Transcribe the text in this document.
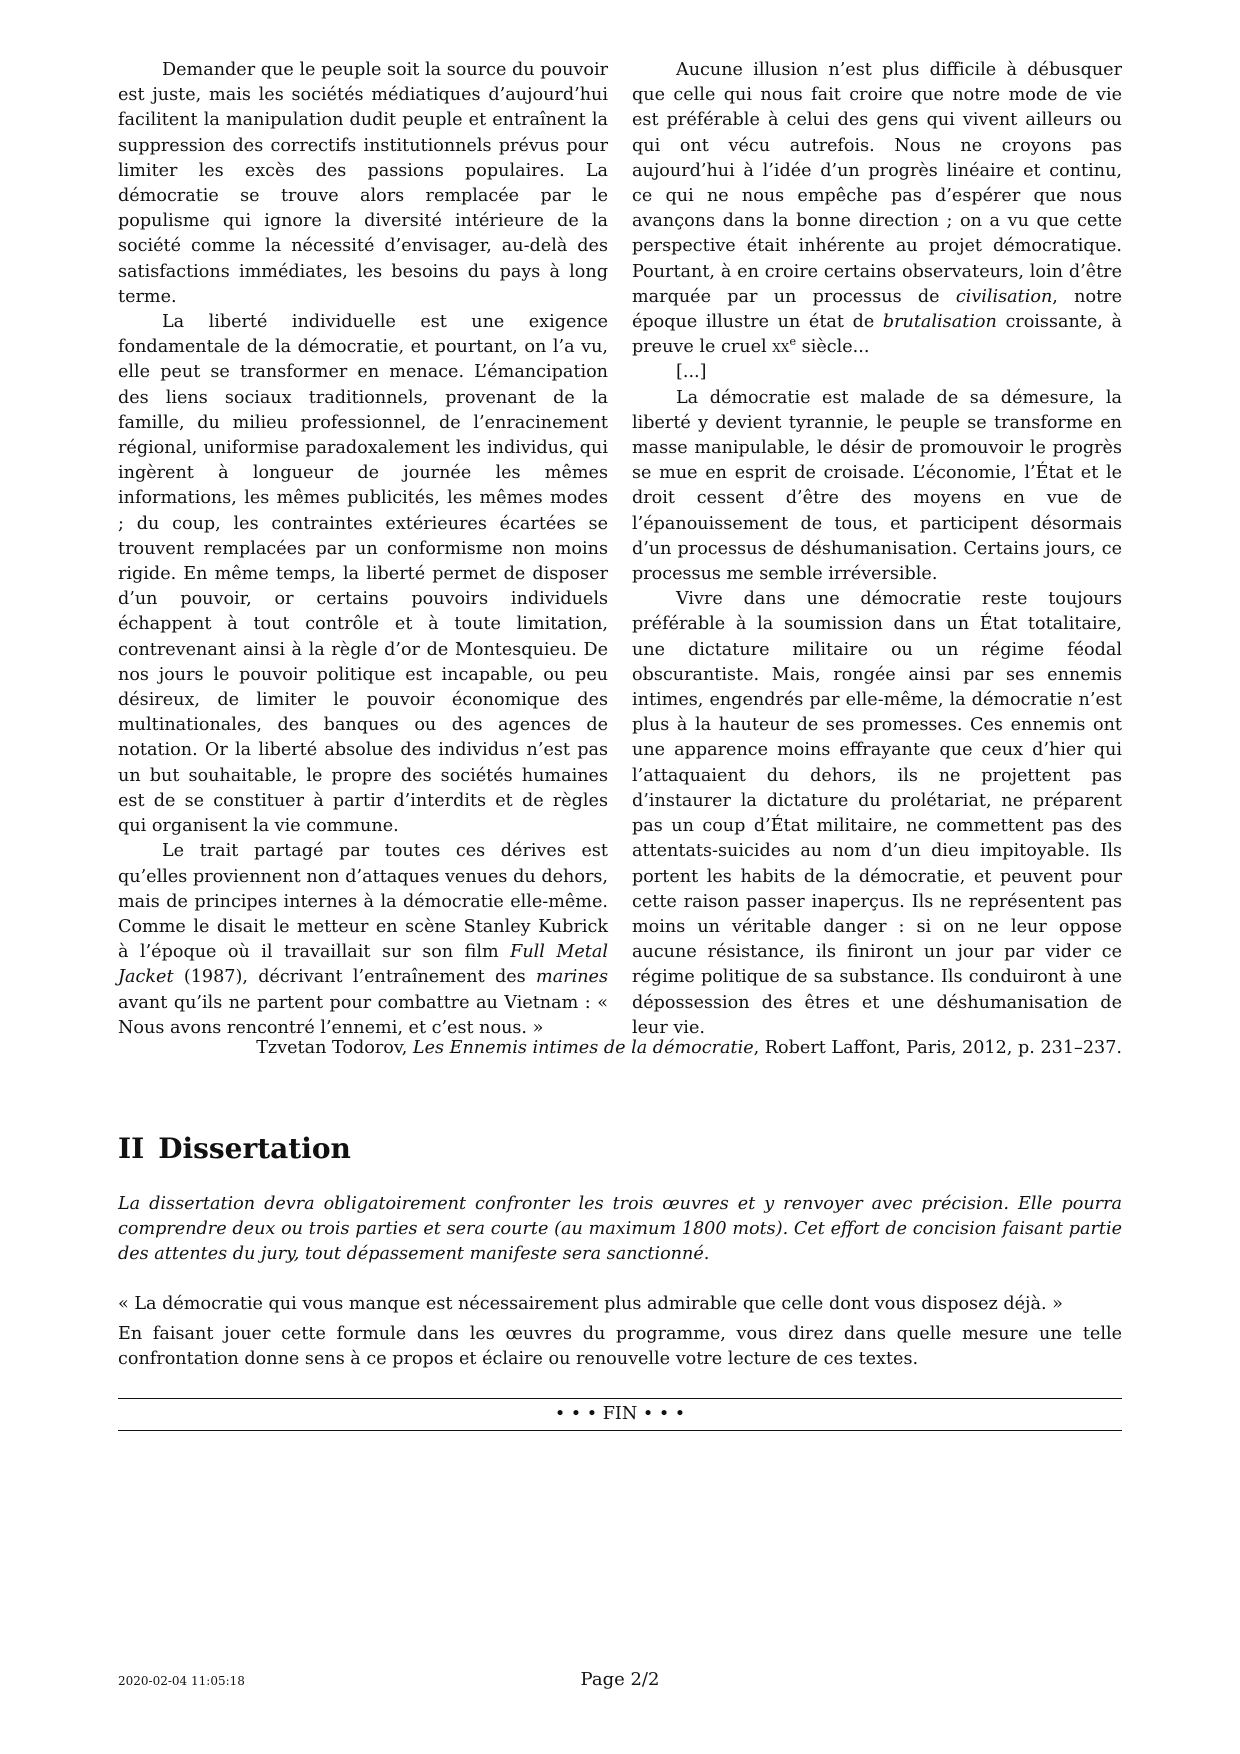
Demander que le peuple soit la source du pouvoir est juste, mais les sociétés médiatiques d’aujourd’hui facilitent la manipulation dudit peuple et entraînent la suppression des correctifs institutionnels prévus pour limiter les excès des passions populaires. La démocratie se trouve alors remplacée par le populisme qui ignore la diversité intérieure de la société comme la nécessité d’envisager, au-delà des satisfactions immédiates, les besoins du pays à long terme.

La liberté individuelle est une exigence fondamentale de la démocratie, et pourtant, on l’a vu, elle peut se transformer en menace. L’émancipation des liens sociaux traditionnels, provenant de la famille, du milieu professionnel, de l’enracinement régional, uniformise paradoxalement les individus, qui ingèrent à longueur de journée les mêmes informations, les mêmes publicités, les mêmes modes ; du coup, les contraintes extérieures écartées se trouvent remplacées par un conformisme non moins rigide. En même temps, la liberté permet de disposer d’un pouvoir, or certains pouvoirs individuels échappent à tout contrôle et à toute limitation, contrevenant ainsi à la règle d’or de Montesquieu. De nos jours le pouvoir politique est incapable, ou peu désireux, de limiter le pouvoir économique des multinationales, des banques ou des agences de notation. Or la liberté absolue des individus n’est pas un but souhaitable, le propre des sociétés humaines est de se constituer à partir d’interdits et de règles qui organisent la vie commune.

Le trait partagé par toutes ces dérives est qu’elles proviennent non d’attaques venues du dehors, mais de principes internes à la démocratie elle-même. Comme le disait le metteur en scène Stanley Kubrick à l’époque où il travaillait sur son film Full Metal Jacket (1987), décrivant l’entraînement des marines avant qu’ils ne partent pour combattre au Vietnam : « Nous avons rencontré l’ennemi, et c’est nous. »

Aucune illusion n’est plus difficile à débusquer que celle qui nous fait croire que notre mode de vie est préférable à celui des gens qui vivent ailleurs ou qui ont vécu autrefois. Nous ne croyons pas aujourd’hui à l’idée d’un progrès linéaire et continu, ce qui ne nous empêche pas d’espérer que nous avançons dans la bonne direction ; on a vu que cette perspective était inhérente au projet démocratique. Pourtant, à en croire certains observateurs, loin d’être marquée par un processus de civilisation, notre époque illustre un état de brutalisation croissante, à preuve le cruel $xx^e$ siècle...

[...]

La démocratie est malade de sa démesure, la liberté y devient tyrannie, le peuple se transforme en masse manipulable, le désir de promouvoir le progrès se mue en esprit de croisade. L’économie, l’État et le droit cessent d’être des moyens en vue de l’épanouissement de tous, et participent désormais d’un processus de déshumanisation. Certains jours, ce processus me semble irréversible.

Vivre dans une démocratie reste toujours préférable à la soumission dans un État totalitaire, une dictature militaire ou un régime féodal obscurantiste. Mais, rongée ainsi par ses ennemis intimes, engendrés par elle-même, la démocratie n’est plus à la hauteur de ses promesses. Ces ennemis ont une apparence moins effrayante que ceux d’hier qui l’attaquaient du dehors, ils ne projettent pas d’instaurer la dictature du prolétariat, ne préparent pas un coup d’État militaire, ne commettent pas des attentats-suicides au nom d’un dieu impitoyable. Ils portent les habits de la démocratie, et peuvent pour cette raison passer inaperçus. Ils ne représentent pas moins un véritable danger : si on ne leur oppose aucune résistance, ils finiront un jour par vider ce régime politique de sa substance. Ils conduiront à une dépossession des êtres et une déshumanisation de leur vie.

Tzvetan Todorov, Les Ennemis intimes de la démocratie, Robert Laffont, Paris, 2012, p. 231–237.
II Dissertation

La dissertation devra obligatoirement confronter les trois œuvres et y renvoyer avec précision. Elle pourra comprendre deux ou trois parties et sera courte (au maximum 1800 mots). Cet effort de concision faisant partie des attentes du jury, tout dépassement manifeste sera sanctionné.

« La démocratie qui vous manque est nécessairement plus admirable que celle dont vous disposez déjà. »

En faisant jouer cette formule dans les œuvres du programme, vous direz dans quelle mesure une telle confrontation donne sens à ce propos et éclaire ou renouvelle votre lecture de ces textes.

• • • FIN • • •
2020-02-04 11:05:18	Page 2/2
